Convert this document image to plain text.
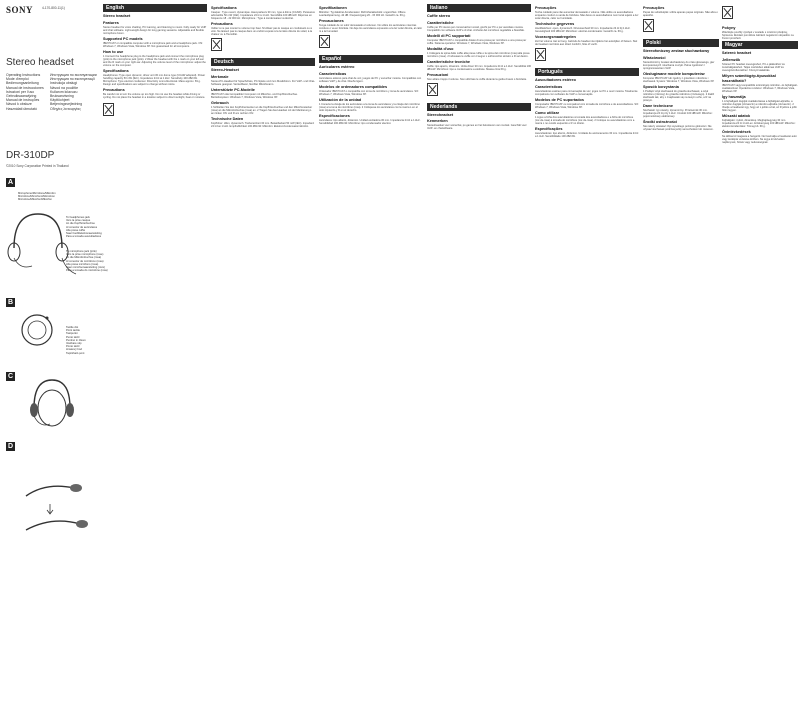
SONY	4-170-800-11(1)
Stereo headset
Operating Instructions
Mode d'emploi
Bedienungsanleitung
Manual de instrucciones
Istruzioni per l'uso
Gebruiksaanwijzing
Manual de instruções
Návod k obsluze
Használati útmutató
Инструкция по эксплуатации
Инструкция по експлуатації
Instrukcja obsługi
Návod na použitie
Kullanım kılavuzu
Bruksanvisning
Käyttöohjeet
Betjeningsvejledning
Οδηγίες λειτουργίας
DR-310DP
©2010 Sony Corporation Printed in Thailand
A
Microphone/Microfone/Mikrofon
Micrófono/Microfono/Microfoon
Microfone/Mikrofon/Mikrofon
To headphones jack
Vers la prise casque
An die Kopfhörerbuchse
Al conector de auriculares
Alla presa cuffie
Naar hoofdtelefoonaansluiting
Para a tomada auscultadores
To microphone jack (pink)
Vers la prise microphone (rose)
An die Mikrofonbuchse (rosa)
Al conector de micrófono (rosa)
Alla presa microfono (rosa)
Naar microfoonaansluiting (roze)
Para a tomada do microfone (rosa)
B
Tactile dot
Point tactile
Tastpunkt
Punto táctil
Puntino in rilievo
Voelbare stip
Ponto táctil
Hmatový bod
Tapintható pont
C
D
English
Stereo headset
Features
Stereo headset for voice chatting, PC Gaming, and listening to music. Fully ready for VoIP and chat software. Light-weight design for long gaming sessions. Adjustable and flexible microphone boom.
Supported PC models
IBM PC/AT or compatible computer with a microphone jack and a headphone jack. OS: Windows 7, Windows Vista, Windows XP. Not guaranteed for all computers.
How to use
1 Connect the headphone plug to the headphone jack and connect the microphone plug (pink) to the microphone jack (pink). 2 Wear the headset with the L mark on your left ear and the R mark on your right ear. Adjusting the volume level of the microphone: adjust the volume on the computer.
Specifications
Headphones: Type open dynamic, driver unit 30 mm dome type (CCAW adopted). Power handling capacity 50 mW (IEC). Impedance 24 Ω at 1 kHz. Sensitivity 100 dB/mW. Microphone: Type electret condenser. Directivity omni-directional. Mass approx. 69 g. Design and specifications are subject to change without notice.
Precautions
Be careful not to turn the volume up too high. Do not use the headset while driving or cycling. Do not place the headset in a location subject to direct sunlight, heat or moisture.
Spécifications
Casque : Type ouvert, dynamique. Haut-parleurs 30 mm, type à dôme (CCAW). Puissance admissible 50 mW (CEI). Impédance 24 Ω à 1 kHz. Sensibilité 100 dB/mW. Réponse en fréquence 18 - 22 000 Hz. Microphone : Type à condensateur à électret.
Précautions
Veillez à ne pas monter le volume trop haut. N'utilisez pas le casque en conduisant ou à vélo. Ne laissez pas le casque dans un endroit exposé à la lumière directe du soleil, à la chaleur ou à l'humidité.
Deutsch
Stereo-Headset
Merkmale
Stereo-PC-Headset für Sprachchats, PC-Spiele und zum Musikhören. Für VoIP- und Chat-Software geeignet. Verstellbarer, flexibler Mikrofonarm.
Unterstützte PC-Modelle
IBM PC/AT oder kompatibler Computer mit Mikrofon- und Kopfhörerbuchse. Betriebssystem: Windows 7, Windows Vista, Windows XP.
Gebrauch
1 Schließen Sie den Kopfhörerstecker an die Kopfhörerbuchse und den Mikrofonstecker (rosa) an die Mikrofonbuchse (rosa) an. 2 Tragen Sie das Headset mit der Markierung L am linken Ohr und R am rechten Ohr.
Technische Daten
Kopfhörer: offen, dynamisch. Treibereinheit 30 mm. Belastbarkeit 50 mW (IEC). Impedanz 24 Ω bei 1 kHz. Empfindlichkeit 100 dB/mW. Mikrofon: Elektret-Kondensatormikrofon.
Spezifikationen
Mikrofon: Typ Elektret-Kondensator. Richtcharakteristik: ungerichtet. Offene Leerlaufspannung -42 dB. Frequenzgang 20 - 15 000 Hz. Gewicht ca. 69 g.
Precauciones
Tenga cuidado de no subir demasiado el volumen. No utilice los auriculares mientras conduce o va en bicicleta. No deje los auriculares expuestos a la luz solar directa, al calor ni a la humedad.
Español
Auriculares estéreo
Características
Auriculares estéreo para chat de voz, juegos de PC y escuchar música. Compatibles con software VoIP y de chat. Diseño ligero.
Modelos de ordenadores compatibles
Ordenador IBM PC/AT o compatible con toma de micrófono y toma de auriculares. SO: Windows 7, Windows Vista, Windows XP.
Utilización de la unidad
1 Conecte la clavija de los auriculares a la toma de auriculares y la clavija del micrófono (rosa) a la toma de micrófono (rosa). 2 Colóquese los auriculares con la marca L en el oído izquierdo y R en el derecho.
Especificaciones
Auriculares: tipo abierto, dinámico. Unidad excitadora 30 mm. Impedancia 24 Ω a 1 kHz. Sensibilidad 100 dB/mW. Micrófono: tipo condensador electret.
Italiano
Cuffie stereo
Caratteristiche
Cuffie per PC stereo per conversazioni vocali, giochi per PC e per ascoltare musica. Compatibili con software VoIP e di chat. Archetto del microfono regolabile e flessibile.
Modelli di PC supportati
Computer IBM PC/AT o compatibile dotato di una presa per microfono e una presa per cuffie. Sistema operativo: Windows 7, Windows Vista, Windows XP.
Modalità d'uso
1 Collegare la spina delle cuffie alla presa cuffie e la spina del microfono (rosa) alla presa microfono (rosa). 2 Indossare le cuffie con il segno L sull'orecchio sinistro e R sul destro.
Caratteristiche tecniche
Cuffie: tipo aperto, dinamico. Unità driver 30 mm. Impedenza 24 Ω a 1 kHz. Sensibilità 100 dB/mW. Microfono: tipo a condensatore a elettrete. Massa circa 69 g.
Precauzioni
Non alzare troppo il volume. Non utilizzare le cuffie durante la guida di auto o biciclette.
Nederlands
Stereoheadset
Kenmerken
Stereoheadset voor voicechat, pc-games en het beluisteren van muziek. Geschikt voor VoIP- en chatsoftware.
Precauções
Tenha cuidado para não aumentar demasiado o volume. Não utilize os auscultadores enquanto conduz ou anda de bicicleta. Não deixe os auscultadores num local sujeito a luz solar directa, calor ou humidade.
Technische gegevens
Hoofdtelefoon: open, dynamisch. Drivereenheid 30 mm. Impedantie 24 Ω bij 1 kHz. Gevoeligheid 100 dB/mW. Microfoon: electret-condensator. Gewicht ca. 69 g.
Voorzorgsmaatregelen
Zet het volume niet te hoog. Gebruik de headset niet tijdens het autorijden of fietsen. Stel de headset niet bloot aan direct zonlicht, hitte of vocht.
Português
Auscultadores estéreo
Características
Auscultadores estéreo para conversação de voz, jogos no PC e ouvir música. Totalmente compatíveis com software de VoIP e conversação.
Modelos de PC suportados
Computador IBM PC/AT ou compatível com tomada de microfone e de auscultadores. SO: Windows 7, Windows Vista, Windows XP.
Como utilizar
1 Ligue a ficha dos auscultadores à tomada dos auscultadores e a ficha do microfone (cor-de-rosa) à tomada do microfone (cor-de-rosa). 2 Coloque os auscultadores com a marca L no ouvido esquerdo e R no direito.
Especificações
Auscultadores: tipo aberto, dinâmico. Unidade de accionamento 30 mm. Impedância 24 Ω a 1 kHz. Sensibilidade 100 dB/mW.
Precauções
Peças de substituição: utilize apenas peças originais. Não abra o aparelho.
Polski
Stereofoniczny zestaw słuchawkowy
Właściwości
Stereofoniczny zestaw słuchawkowy do czatu głosowego, gier komputerowych i słuchania muzyki. Pełna zgodność z oprogramowaniem VoIP.
Obsługiwane modele komputerów
Komputer IBM PC/AT lub zgodny z gniazdem mikrofonu i słuchawek. System: Windows 7, Windows Vista, Windows XP.
Sposób korzystania
1 Podłącz wtyk słuchawek do gniazda słuchawek, a wtyk mikrofonu (różowy) do gniazda mikrofonu (różowego). 2 Załóż słuchawki tak, aby L znajdowało się na lewym uchu, a R na prawym.
Dane techniczne
Słuchawki: typ otwarty, dynamiczny. Przetwornik 30 mm. Impedancja 24 Ω przy 1 kHz. Czułość 100 dB/mW. Mikrofon: pojemnościowy elektretowy.
Środki ostrożności
Nie należy ustawiać zbyt wysokiego poziomu głośności. Nie używać słuchawek podczas jazdy samochodem lub rowerem.
Pokyny
Zlikvidujte použitý výrobek v souladu s místními předpisy. Správnou likvidací pomůžete zabránit negativním dopadům na životní prostředí.
Magyar
Sztereó headset
Jellemzők
Sztereó PC headset csevegéshez, PC-s játékokhoz és zenehallgatáshoz. Teljes mértékben alkalmas VoIP és csevegőszoftverekhez. Könnyű kialakítás.
Milyen számítógép-típusokkal használható?
IBM PC/AT vagy kompatibilis számítógép mikrofon- és fejhallgató-csatlakozóval. Operációs rendszer: Windows 7, Windows Vista, Windows XP.
Így használja
1 A fejhallgató dugóját csatlakoztassa a fejhallgató-aljzatba, a mikrofon dugóját (rózsaszín) a mikrofon-aljzatba (rózsaszín). 2 Viselje a headsetet úgy, hogy az L jelzés a bal, az R jelzés a jobb fülén legyen.
Műszaki adatok
Fejhallgató: nyitott, dinamikus. Meghajtóegység 30 mm. Impedancia 24 Ω 1 kHz-en. Érzékenység 100 dB/mW. Mikrofon: elektret kondenzátor. Tömeg kb. 69 g.
Óvintézkedések
Ne állítsa túl magasra a hangerőt. Ne használja a headsetet autó vagy kerékpár vezetése közben. Ne tegye ki közvetlen napfénynek, hőnek vagy nedvességnek.
